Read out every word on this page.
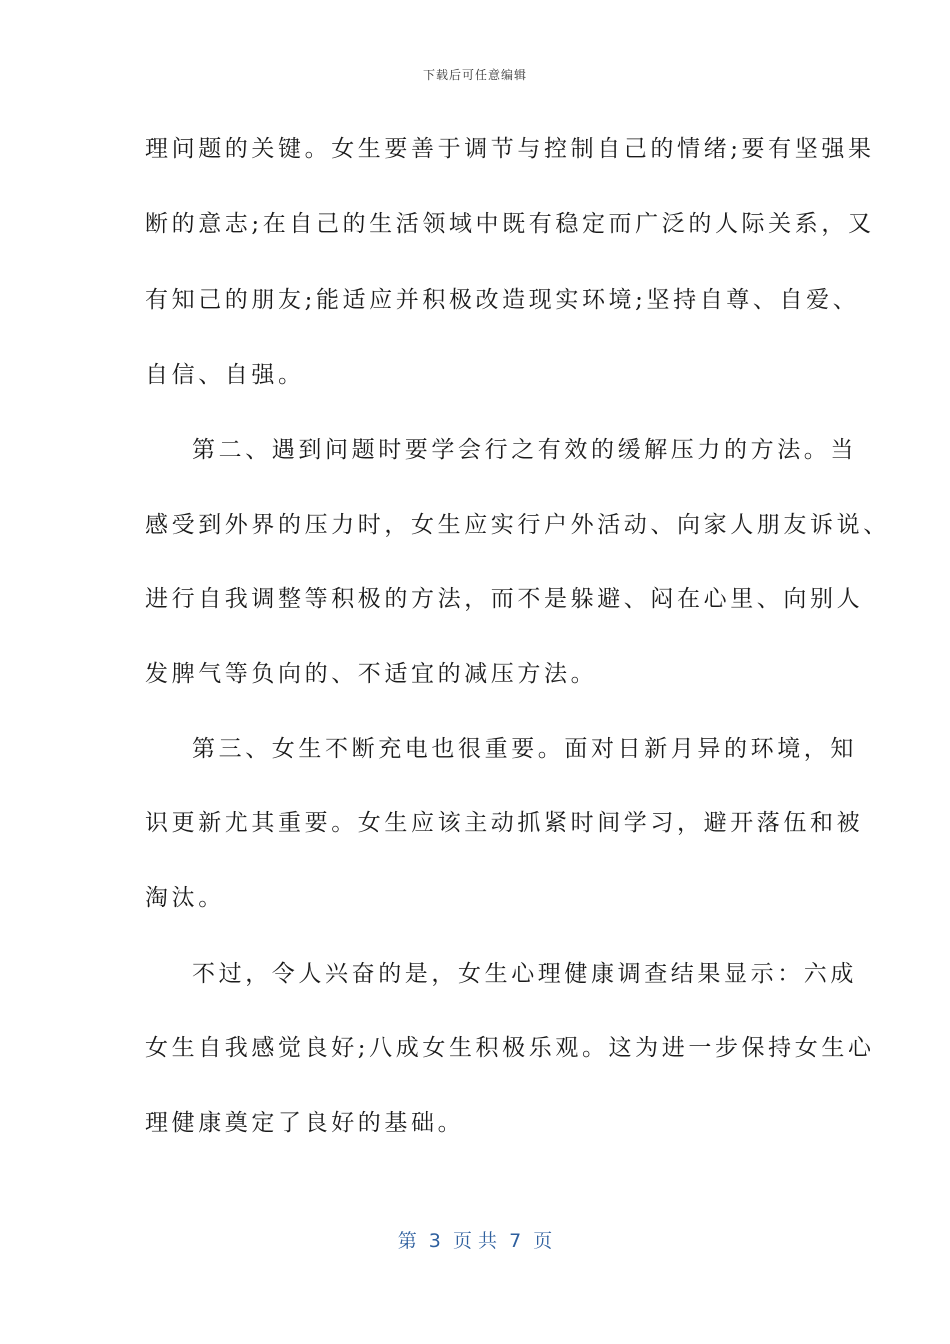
下载后可任意编辑
理问题的关键。女生要善于调节与控制自己的情绪;要有坚强果
断的意志;在自己的生活领域中既有稳定而广泛的人际关系，又
有知己的朋友;能适应并积极改造现实环境;坚持自尊、自爱、
自信、自强。
第二、遇到问题时要学会行之有效的缓解压力的方法。当
感受到外界的压力时，女生应实行户外活动、向家人朋友诉说、
进行自我调整等积极的方法，而不是躲避、闷在心里、向别人
发脾气等负向的、不适宜的减压方法。
第三、女生不断充电也很重要。面对日新月异的环境，知
识更新尤其重要。女生应该主动抓紧时间学习，避开落伍和被
淘汰。
不过，令人兴奋的是，女生心理健康调查结果显示：六成
女生自我感觉良好;八成女生积极乐观。这为进一步保持女生心
理健康奠定了良好的基础。
第  3  页 共  7  页
